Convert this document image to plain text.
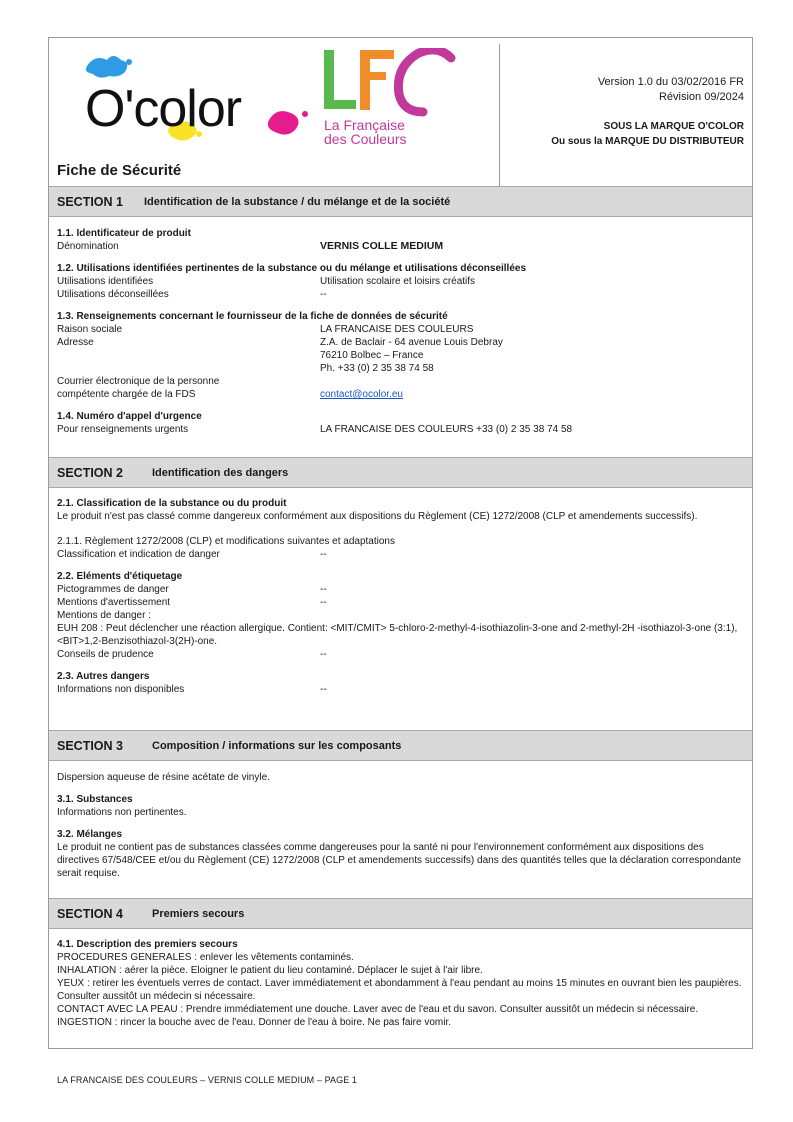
O'color	La Française
des Couleurs
Fiche de Sécurité
Version 1.0 du 03/02/2016 FR
Révision 09/2024
SOUS LA MARQUE O'COLOR
Ou sous la MARQUE DU DISTRIBUTEUR
SECTION 1 Identification de la substance / du mélange et de la société
1.1. Identificateur de produit
Dénomination	VERNIS COLLE MEDIUM
1.2. Utilisations identifiées pertinentes de la substance ou du mélange et utilisations déconseillées
Utilisations identifiées	Utilisation scolaire et loisirs créatifs
Utilisations déconseillées	--
1.3. Renseignements concernant le fournisseur de la fiche de données de sécurité
Raison sociale	LA FRANCAISE DES COULEURS
Adresse	Z.A. de Baclair - 64 avenue Louis Debray
76210 Bolbec – France
Ph. +33 (0) 2 35 38 74 58
Courrier électronique de la personne
compétente chargée de la FDS	contact@ocolor.eu
1.4. Numéro d'appel d'urgence
Pour renseignements urgents	LA FRANCAISE DES COULEURS +33 (0) 2 35 38 74 58
SECTION 2	Identification des dangers
2.1. Classification de la substance ou du produit
Le produit n'est pas classé comme dangereux conformément aux dispositions du Règlement (CE) 1272/2008 (CLP et amendements successifs).
2.1.1. Règlement 1272/2008 (CLP) et modifications suivantes et adaptations
Classification et indication de danger	--
2.2. Eléments d'étiquetage
Pictogrammes de danger	--
Mentions d'avertissement	--
Mentions de danger :
EUH 208 : Peut déclencher une réaction allergique. Contient: <MIT/CMIT> 5-chloro-2-methyl-4-isothiazolin-3-one and 2-methyl-2H -isothiazol-3-one (3:1), <BIT>1,2-Benzisothiazol-3(2H)-one.
Conseils de prudence	--
2.3. Autres dangers
Informations non disponibles	--
SECTION 3	Composition / informations sur les composants
Dispersion aqueuse de résine acétate de vinyle.
3.1. Substances
Informations non pertinentes.
3.2. Mélanges
Le produit ne contient pas de substances classées comme dangereuses pour la santé ni pour l'environnement conformément aux dispositions des directives 67/548/CEE et/ou du Règlement (CE) 1272/2008 (CLP et amendements successifs) dans des quantités telles que la déclaration correspondante serait requise.
SECTION 4	Premiers secours
4.1. Description des premiers secours
PROCEDURES GENERALES : enlever les vêtements contaminés.
INHALATION : aérer la pièce. Eloigner le patient du lieu contaminé. Déplacer le sujet à l'air libre.
YEUX : retirer les éventuels verres de contact. Laver immédiatement et abondamment à l'eau pendant au moins 15 minutes en ouvrant bien les paupières. Consulter aussitôt un médecin si nécessaire.
CONTACT AVEC LA PEAU : Prendre immédiatement une douche. Laver avec de l'eau et du savon. Consulter aussitôt un médecin si nécessaire.
INGESTION : rincer la bouche avec de l'eau. Donner de l'eau à boire. Ne pas faire vomir.
LA FRANCAISE DES COULEURS – VERNIS COLLE MEDIUM – PAGE 1
